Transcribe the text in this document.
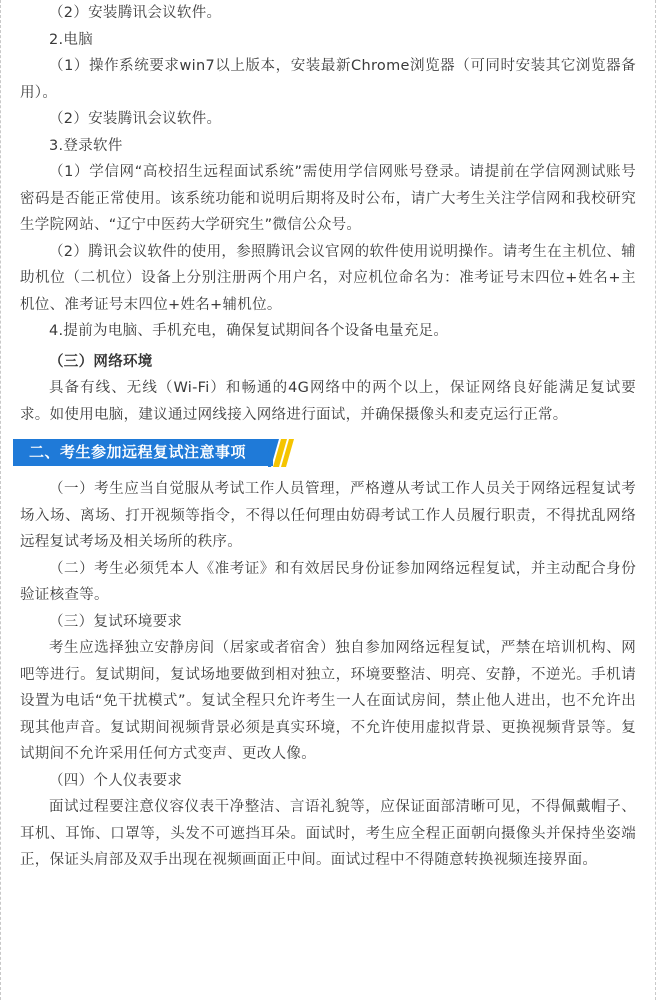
（2）安装腾讯会议软件。

2.电脑

（1）操作系统要求win7以上版本，安装最新Chrome浏览器（可同时安装其它浏览器备用）。

（2）安装腾讯会议软件。

3.登录软件

（1）学信网“高校招生远程面试系统”需使用学信网账号登录。请提前在学信网测试账号密码是否能正常使用。该系统功能和说明后期将及时公布，请广大考生关注学信网和我校研究生学院网站、“辽宁中医药大学研究生”微信公众号。

（2）腾讯会议软件的使用，参照腾讯会议官网的软件使用说明操作。请考生在主机位、辅助机位（二机位）设备上分别注册两个用户名，对应机位命名为：准考证号末四位+姓名+主机位、准考证号末四位+姓名+辅机位。

4.提前为电脑、手机充电，确保复试期间各个设备电量充足。

（三）网络环境

具备有线、无线（Wi-Fi）和畅通的4G网络中的两个以上，保证网络良好能满足复试要求。如使用电脑，建议通过网线接入网络进行面试，并确保摄像头和麦克运行正常。

二、考生参加远程复试注意事项

（一）考生应当自觉服从考试工作人员管理，严格遵从考试工作人员关于网络远程复试考场入场、离场、打开视频等指令，不得以任何理由妨碍考试工作人员履行职责，不得扰乱网络远程复试考场及相关场所的秩序。

（二）考生必须凭本人《准考证》和有效居民身份证参加网络远程复试，并主动配合身份验证核查等。

（三）复试环境要求

考生应选择独立安静房间（居家或者宿舍）独自参加网络远程复试，严禁在培训机构、网吧等进行。复试期间，复试场地要做到相对独立，环境要整洁、明亮、安静，不逆光。手机请设置为电话“免干扰模式”。复试全程只允许考生一人在面试房间，禁止他人进出，也不允许出现其他声音。复试期间视频背景必须是真实环境，不允许使用虚拟背景、更换视频背景等。复试期间不允许采用任何方式变声、更改人像。

（四）个人仪表要求

面试过程要注意仪容仪表干净整洁、言语礼貌等，应保证面部清晰可见，不得佩戴帽子、耳机、耳饰、口罩等，头发不可遮挡耳朵。面试时，考生应全程正面朝向摄像头并保持坐姿端正，保证头肩部及双手出现在视频画面正中间。面试过程中不得随意转换视频连接界面。
